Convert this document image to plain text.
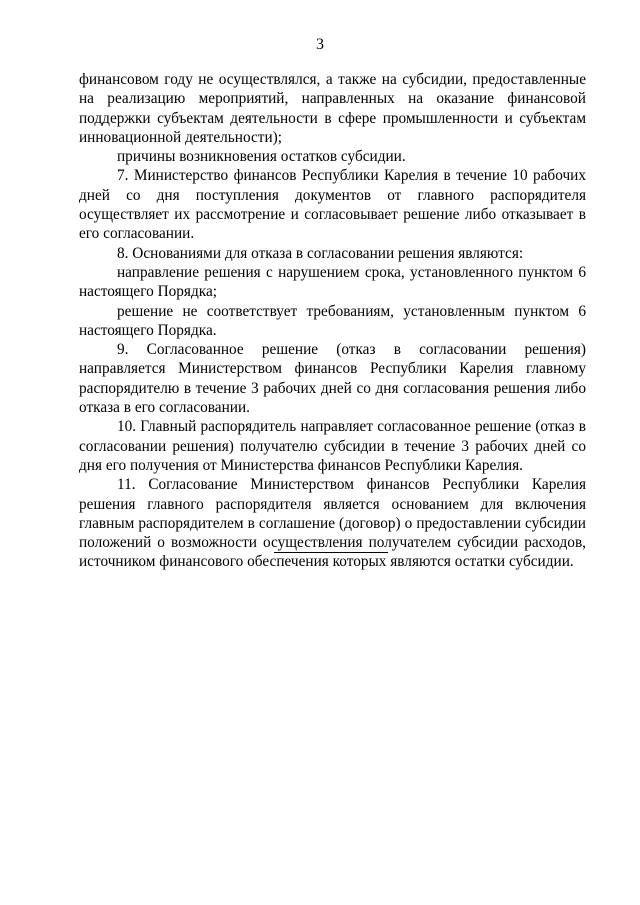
3

финансовом году не осуществлялся, а также на субсидии, предоставленные на реализацию мероприятий, направленных на оказание финансовой поддержки субъектам деятельности в сфере промышленности и субъектам инновационной деятельности);

причины возникновения остатков субсидии.

7. Министерство финансов Республики Карелия в течение 10 рабочих дней со дня поступления документов от главного распорядителя осуществляет их рассмотрение и согласовывает решение либо отказывает в его согласовании.

8. Основаниями для отказа в согласовании решения являются:

направление решения с нарушением срока, установленного пунктом 6 настоящего Порядка;

решение не соответствует требованиям, установленным пунктом 6 настоящего Порядка.

9. Согласованное решение (отказ в согласовании решения) направляется Министерством финансов Республики Карелия главному распорядителю в течение 3 рабочих дней со дня согласования решения либо отказа в его согласовании.

10. Главный распорядитель направляет согласованное решение (отказ в согласовании решения) получателю субсидии в течение 3 рабочих дней со дня его получения от Министерства финансов Республики Карелия.

11. Согласование Министерством финансов Республики Карелия решения главного распорядителя является основанием для включения главным распорядителем в соглашение (договор) о предоставлении субсидии положений о возможности осуществления получателем субсидии расходов, источником финансового обеспечения которых являются остатки субсидии.
